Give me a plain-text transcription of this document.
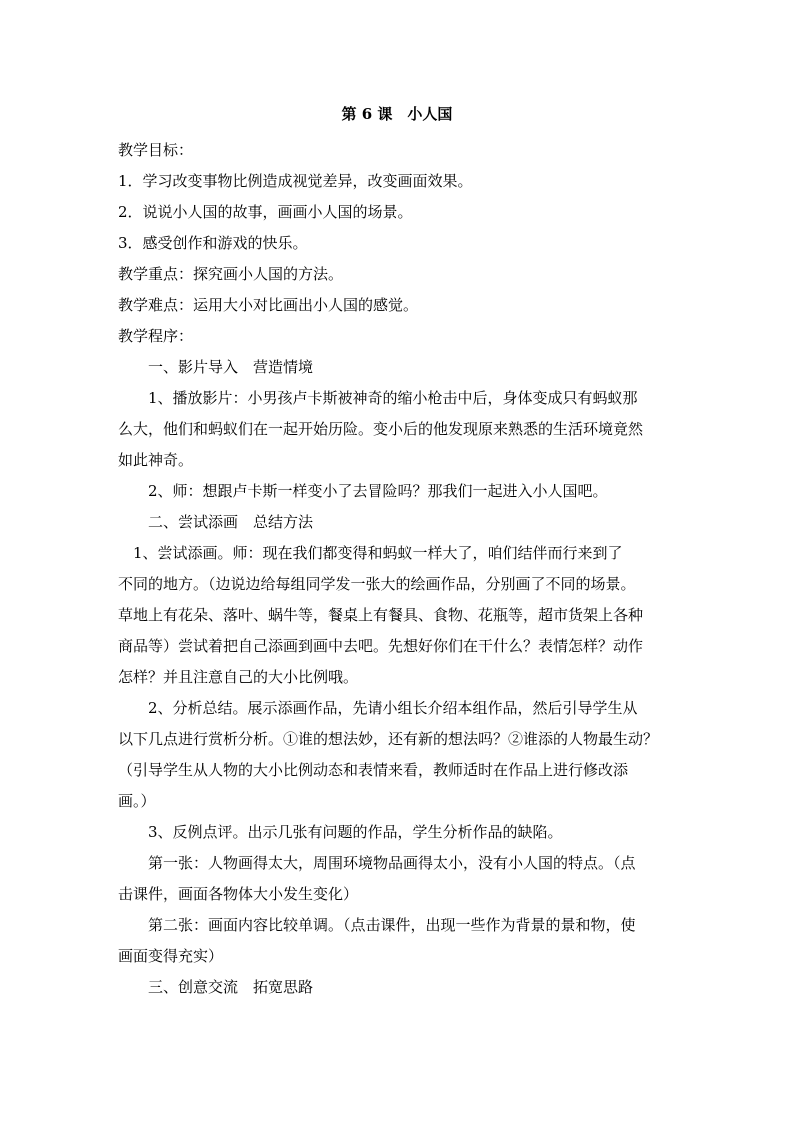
第 6 课　小人国

教学目标：

1．学习改变事物比例造成视觉差异，改变画面效果。

2．说说小人国的故事，画画小人国的场景。

3．感受创作和游戏的快乐。

教学重点：探究画小人国的方法。

教学难点：运用大小对比画出小人国的感觉。

教学程序：

一、影片导入　营造情境

1、播放影片：小男孩卢卡斯被神奇的缩小枪击中后，身体变成只有蚂蚁那

么大，他们和蚂蚁们在一起开始历险。变小后的他发现原来熟悉的生活环境竟然

如此神奇。

2、师：想跟卢卡斯一样变小了去冒险吗？那我们一起进入小人国吧。

二、尝试添画　总结方法

1、尝试添画。师：现在我们都变得和蚂蚁一样大了，咱们结伴而行来到了

不同的地方。（边说边给每组同学发一张大的绘画作品，分别画了不同的场景。

草地上有花朵、落叶、蜗牛等，餐桌上有餐具、食物、花瓶等，超市货架上各种

商品等）尝试着把自己添画到画中去吧。先想好你们在干什么？表情怎样？动作

怎样？并且注意自己的大小比例哦。

2、分析总结。展示添画作品，先请小组长介绍本组作品，然后引导学生从

以下几点进行赏析分析。①谁的想法妙，还有新的想法吗？②谁添的人物最生动？

（引导学生从人物的大小比例动态和表情来看，教师适时在作品上进行修改添

画。）

3、反例点评。出示几张有问题的作品，学生分析作品的缺陷。

第一张：人物画得太大，周围环境物品画得太小，没有小人国的特点。（点

击课件，画面各物体大小发生变化）

第二张：画面内容比较单调。（点击课件，出现一些作为背景的景和物，使

画面变得充实）

三、创意交流　拓宽思路
